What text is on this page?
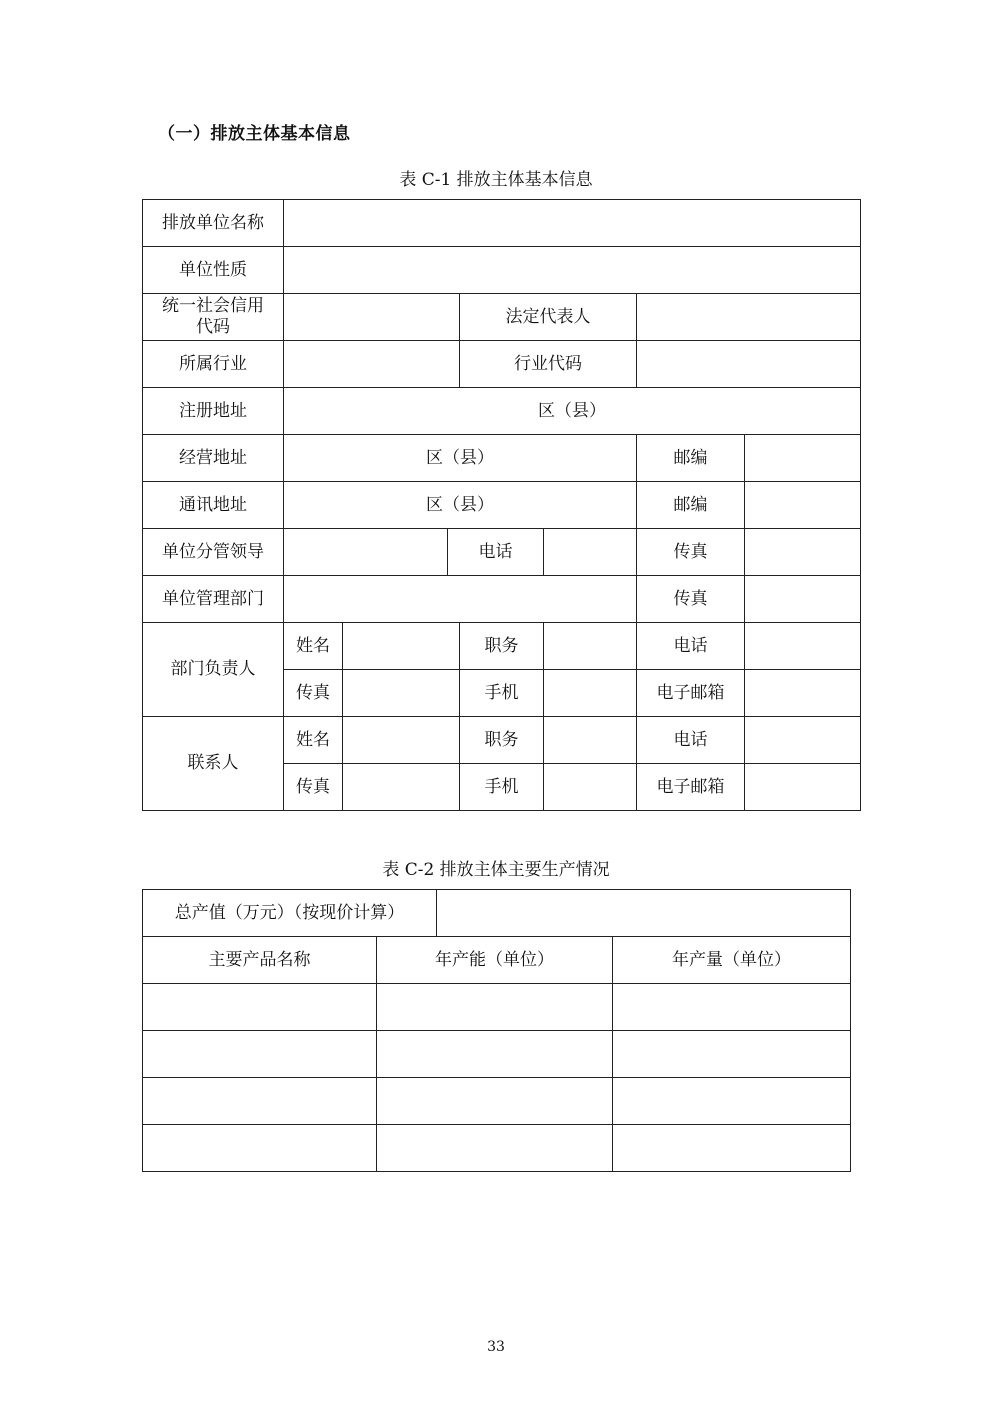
（一）排放主体基本信息
表 C-1 排放主体基本信息
排放单位名称							
单位性质							

统一社会信用
代码				法定代表人			
所属行业				行业代码			
注册地址	区（县）						
经营地址	区（县）					邮编	
通讯地址	区（县）					邮编	
单位分管领导			电话			传真	
单位管理部门						传真	
部门负责人	姓名			职务		电话	
	传真			手机		电子邮箱	
联系人	姓名			职务		电话	
	传真			手机		电子邮箱	
表 C-2 排放主体主要生产情况
总产值（万元）（按现价计算）			
主要产品名称	年产能（单位）		年产量（单位）

33
